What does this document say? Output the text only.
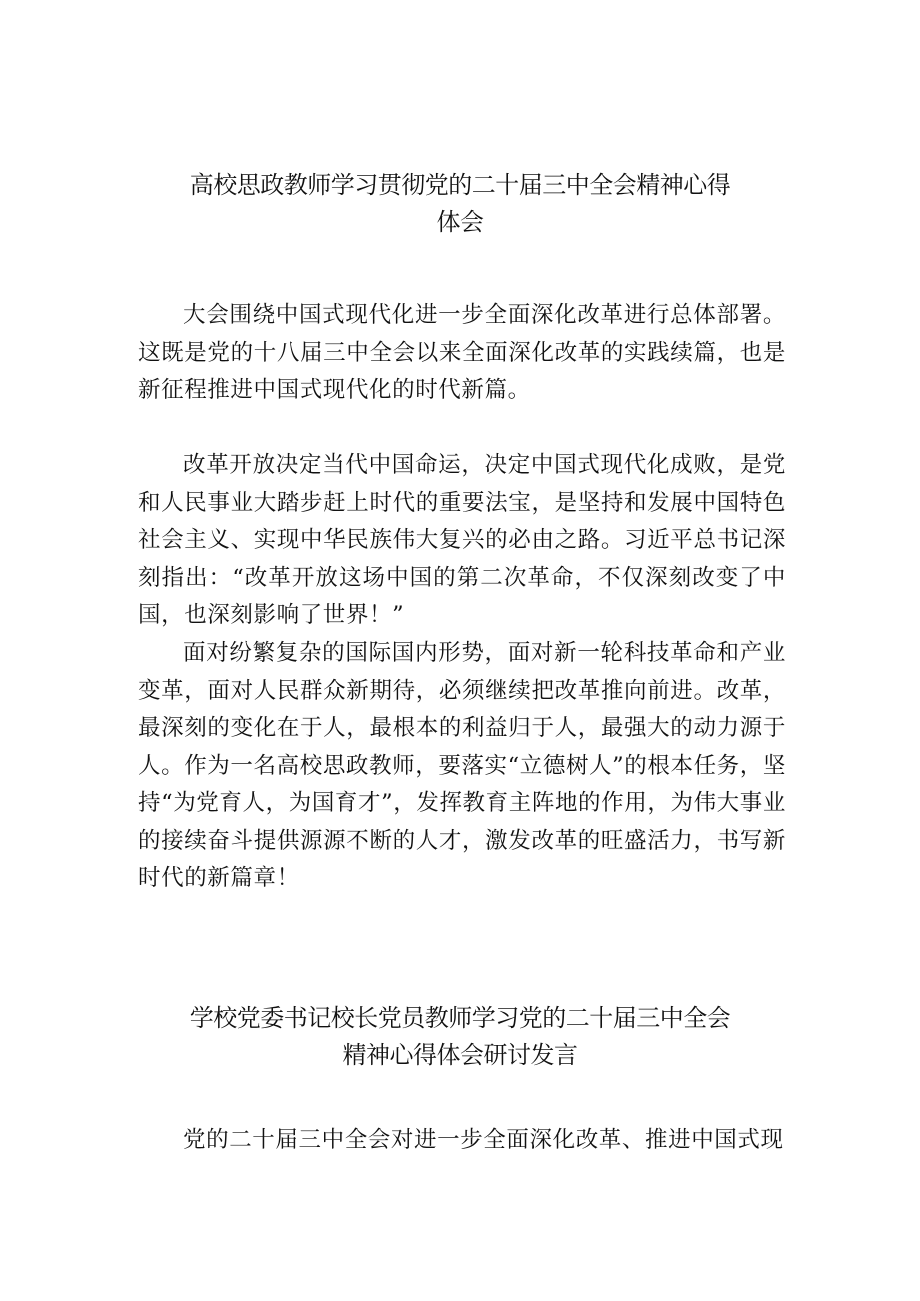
高校思政教师学习贯彻党的二十届三中全会精神心得
体会

大会围绕中国式现代化进一步全面深化改革进行总体部署。这既是党的十八届三中全会以来全面深化改革的实践续篇，也是新征程推进中国式现代化的时代新篇。

改革开放决定当代中国命运，决定中国式现代化成败，是党和人民事业大踏步赶上时代的重要法宝，是坚持和发展中国特色社会主义、实现中华民族伟大复兴的必由之路。习近平总书记深刻指出：“改革开放这场中国的第二次革命，不仅深刻改变了中国，也深刻影响了世界！”

面对纷繁复杂的国际国内形势，面对新一轮科技革命和产业变革，面对人民群众新期待，必须继续把改革推向前进。改革，最深刻的变化在于人，最根本的利益归于人，最强大的动力源于人。作为一名高校思政教师，要落实“立德树人”的根本任务，坚持“为党育人，为国育才”，发挥教育主阵地的作用，为伟大事业的接续奋斗提供源源不断的人才，激发改革的旺盛活力，书写新时代的新篇章！

学校党委书记校长党员教师学习党的二十届三中全会
精神心得体会研讨发言

党的二十届三中全会对进一步全面深化改革、推进中国式现
